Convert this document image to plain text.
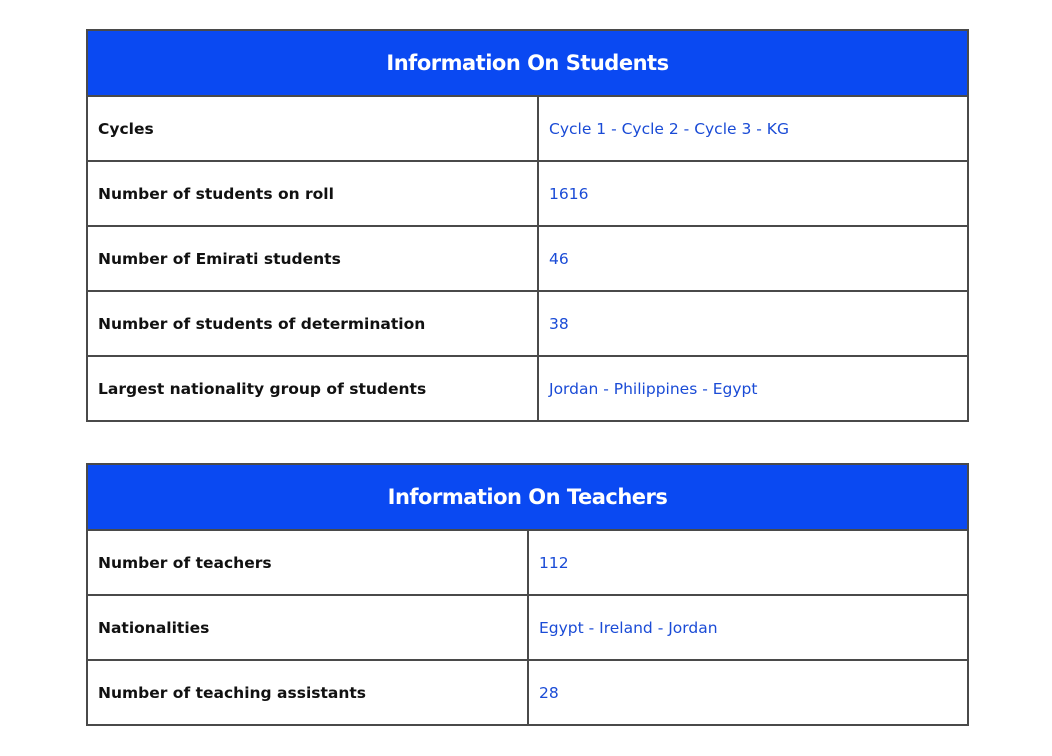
Information On Students	
Cycles	Cycle 1 - Cycle 2 - Cycle 3 - KG
Number of students on roll	1616
Number of Emirati students	46
Number of students of determination	38
Largest nationality group of students	Jordan - Philippines - Egypt
Information On Teachers	
Number of teachers	112
Nationalities	Egypt - Ireland - Jordan
Number of teaching assistants	28
